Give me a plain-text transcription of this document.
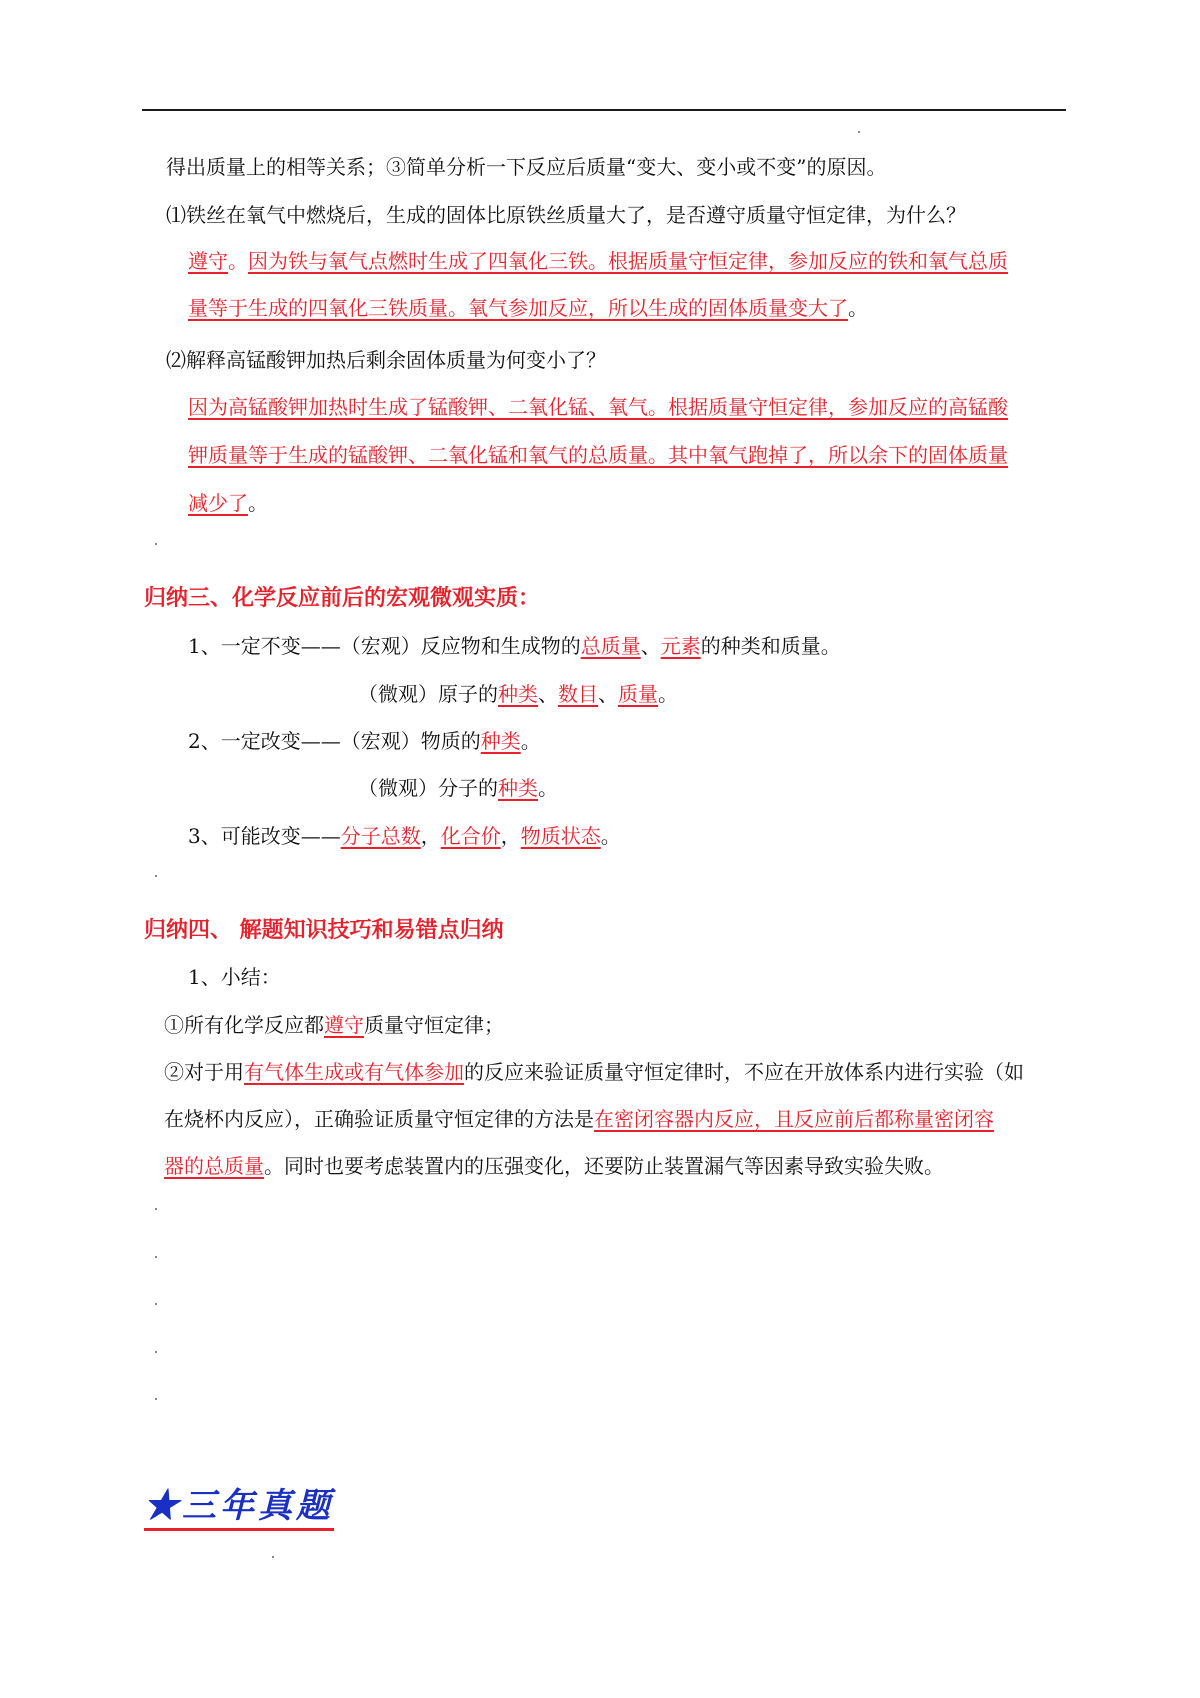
得出质量上的相等关系；③简单分析一下反应后质量“变大、变小或不变”的原因。
⑴铁丝在氧气中燃烧后，生成的固体比原铁丝质量大了，是否遵守质量守恒定律，为什么？
遵守。因为铁与氧气点燃时生成了四氧化三铁。根据质量守恒定律，参加反应的铁和氧气总质
量等于生成的四氧化三铁质量。氧气参加反应，所以生成的固体质量变大了。
⑵解释高锰酸钾加热后剩余固体质量为何变小了？
因为高锰酸钾加热时生成了锰酸钾、二氧化锰、氧气。根据质量守恒定律，参加反应的高锰酸
钾质量等于生成的锰酸钾、二氧化锰和氧气的总质量。其中氧气跑掉了，所以余下的固体质量
减少了。
归纳三、化学反应前后的宏观微观实质：
1、一定不变——（宏观）反应物和生成物的总质量、元素的种类和质量。
（微观）原子的种类、数目、质量。
2、一定改变——（宏观）物质的种类。
（微观）分子的种类。
3、可能改变——分子总数，化合价，物质状态。
归纳四、 解题知识技巧和易错点归纳
1、小结：
①所有化学反应都遵守质量守恒定律；
②对于用有气体生成或有气体参加的反应来验证质量守恒定律时，不应在开放体系内进行实验（如
在烧杯内反应），正确验证质量守恒定律的方法是在密闭容器内反应，且反应前后都称量密闭容
器的总质量。同时也要考虑装置内的压强变化，还要防止装置漏气等因素导致实验失败。
★三年真题
